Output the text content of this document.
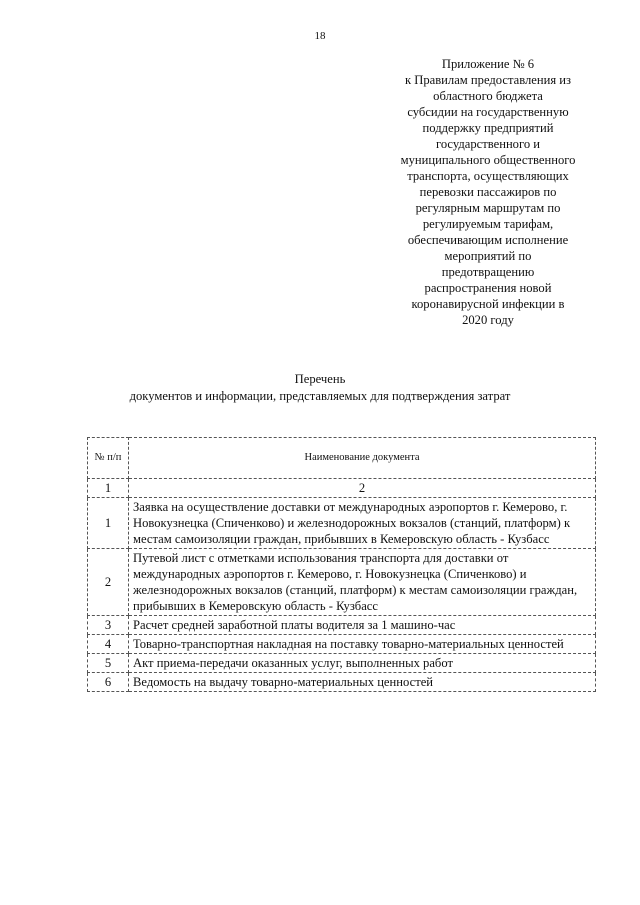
18
Приложение № 6
к Правилам предоставления из
областного бюджета
субсидии на государственную
поддержку предприятий
государственного и
муниципального общественного
транспорта, осуществляющих
перевозки пассажиров по
регулярным маршрутам по
регулируемым тарифам,
обеспечивающим исполнение
мероприятий по
предотвращению
распространения новой
коронавирусной инфекции в
2020 году
Перечень
документов и информации, представляемых для подтверждения затрат
№ п/п	Наименование документа
1	2
1	Заявка на осуществление доставки от международных аэропортов г. Кемерово, г. Новокузнецка (Спиченково) и железнодорожных вокзалов (станций, платформ) к местам самоизоляции граждан, прибывших в Кемеровскую область - Кузбасс
2	Путевой лист с отметками использования транспорта для доставки от международных аэропортов г. Кемерово, г. Новокузнецка (Спиченково) и железнодорожных вокзалов (станций, платформ) к местам самоизоляции граждан, прибывших в Кемеровскую область - Кузбасс
3	Расчет средней заработной платы водителя за 1 машино-час
4	Товарно-транспортная накладная на поставку товарно-материальных ценностей
5	Акт приема-передачи оказанных услуг, выполненных работ
6	Ведомость на выдачу товарно-материальных ценностей
